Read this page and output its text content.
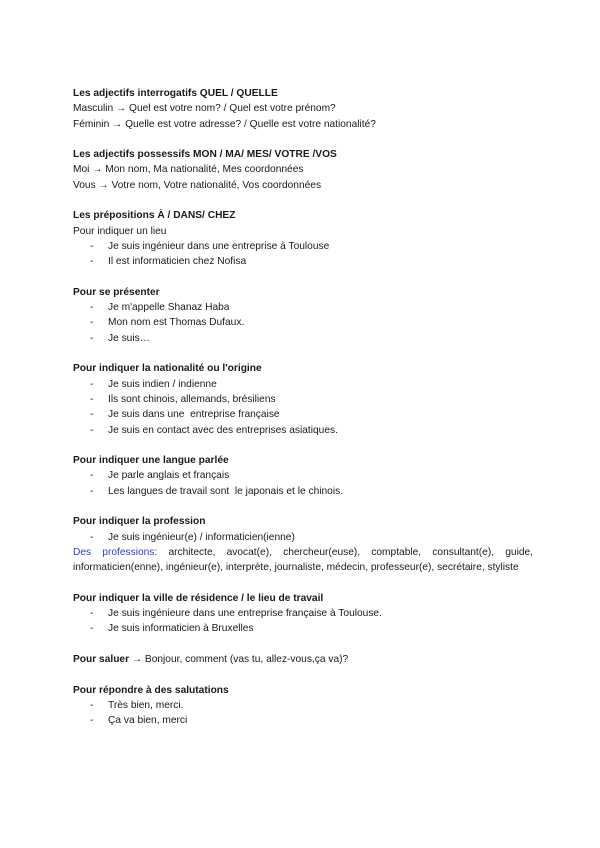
Les adjectifs interrogatifs QUEL / QUELLE
Masculin → Quel est votre nom? / Quel est votre prénom?
Féminin → Quelle est votre adresse? / Quelle est votre nationalité?
Les adjectifs possessifs MON / MA/ MES/ VOTRE /VOS
Moi → Mon nom, Ma nationalité, Mes coordonnées
Vous → Votre nom, Votre nationalité, Vos coordonnées
Les prépositions À / DANS/ CHEZ
Pour indiquer un lieu
- Je suis ingénieur dans une entreprise à Toulouse
- Il est informaticien chez Nofisa
Pour se présenter
- Je m'appelle Shanaz Haba
- Mon nom est Thomas Dufaux.
- Je suis…
Pour indiquer la nationalité ou l'origine
- Je suis indien / indienne
- Ils sont chinois, allemands, brésiliens
- Je suis dans une  entreprise française
- Je suis en contact avec des entreprises asiatiques.
Pour indiquer une langue parlée
- Je parle anglais et français
- Les langues de travail sont  le japonais et le chinois.
Pour indiquer la profession
- Je suis ingénieur(e) / informaticien(ienne)
Des professions: architecte, avocat(e), chercheur(euse), comptable, consultant(e), guide, informaticien(enne), ingénieur(e), interprète, journaliste, médecin, professeur(e), secrétaire, styliste
Pour indiquer la ville de résidence / le lieu de travail
- Je suis ingénieure dans une entreprise française à Toulouse.
- Je suis informaticien à Bruxelles
Pour saluer → Bonjour, comment (vas tu, allez-vous,ça va)?
Pour répondre à des salutations
- Très bien, merci.
- Ça va bien, merci
